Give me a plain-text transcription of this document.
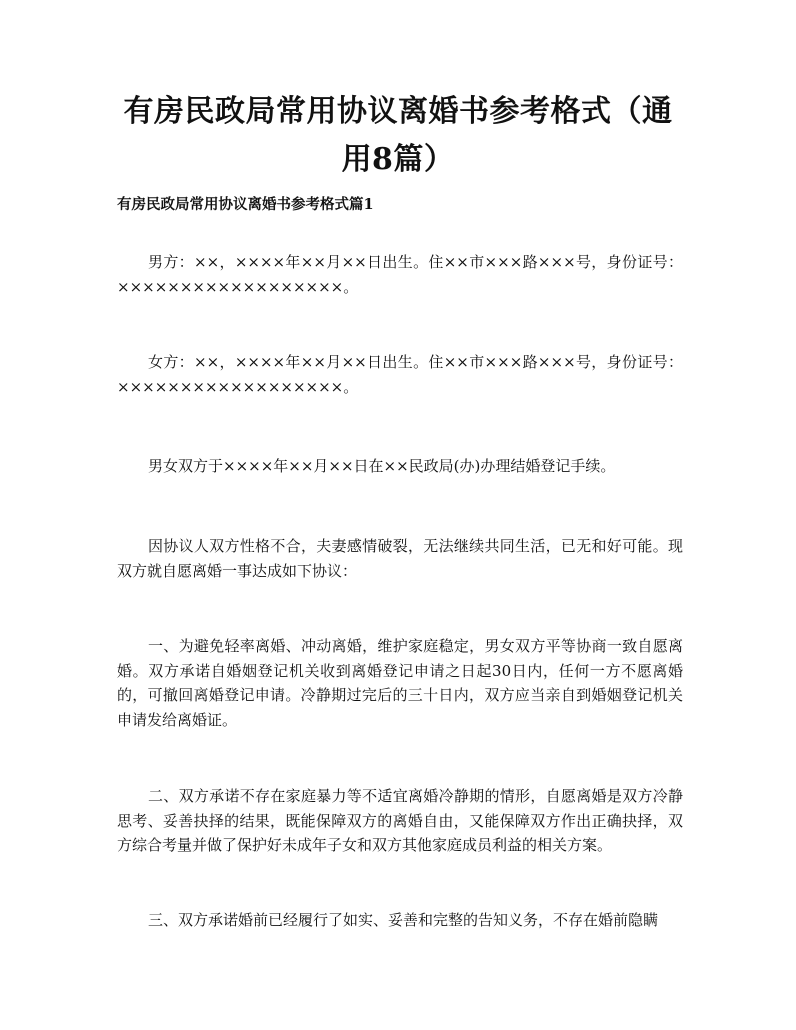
有房民政局常用协议离婚书参考格式（通用8篇）

有房民政局常用协议离婚书参考格式篇1

男方：××，××××年××月××日出生。住××市×××路×××号，身份证号：××××××××××××××××××。

女方：××，××××年××月××日出生。住××市×××路×××号，身份证号：××××××××××××××××××。

男女双方于××××年××月××日在××民政局(办)办理结婚登记手续。

因协议人双方性格不合，夫妻感情破裂，无法继续共同生活，已无和好可能。现双方就自愿离婚一事达成如下协议：

一、为避免轻率离婚、冲动离婚，维护家庭稳定，男女双方平等协商一致自愿离婚。双方承诺自婚姻登记机关收到离婚登记申请之日起30日内，任何一方不愿离婚的，可撤回离婚登记申请。冷静期过完后的三十日内，双方应当亲自到婚姻登记机关申请发给离婚证。

二、双方承诺不存在家庭暴力等不适宜离婚冷静期的情形，自愿离婚是双方冷静思考、妥善抉择的结果，既能保障双方的离婚自由，又能保障双方作出正确抉择，双方综合考量并做了保护好未成年子女和双方其他家庭成员利益的相关方案。

三、双方承诺婚前已经履行了如实、妥善和完整的告知义务，不存在婚前隐瞒
